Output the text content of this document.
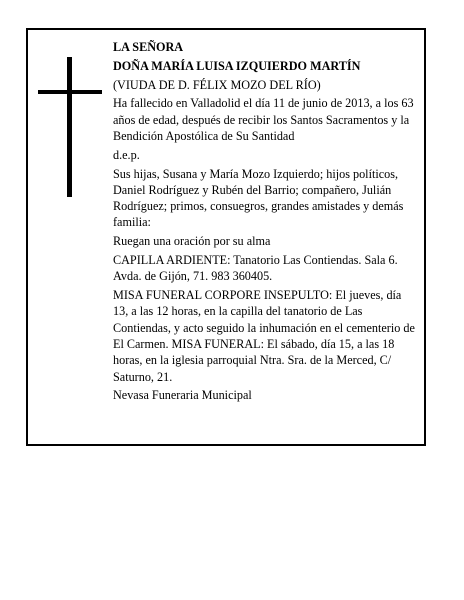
LA SEÑORA

DOÑA MARÍA LUISA IZQUIERDO MARTÍN

(VIUDA DE D. FÉLIX MOZO DEL RÍO)

Ha fallecido en Valladolid el día 11 de junio de 2013, a los 63 años de edad, después de recibir los Santos Sacramentos y la Bendición Apostólica de Su Santidad

d.e.p.

Sus hijas, Susana y María Mozo Izquierdo; hijos políticos, Daniel Rodríguez y Rubén del Barrio; compañero, Julián Rodríguez; primos, consuegros, grandes amistades y demás familia:

Ruegan una oración por su alma

CAPILLA ARDIENTE: Tanatorio Las Contiendas. Sala 6. Avda. de Gijón, 71. 983 360405.

MISA FUNERAL CORPORE INSEPULTO: El jueves, día 13, a las 12 horas, en la capilla del tanatorio de Las Contiendas, y acto seguido la inhumación en el cementerio de El Carmen. MISA FUNERAL: El sábado, día 15, a las 18 horas, en la iglesia parroquial Ntra. Sra. de la Merced, C/ Saturno, 21.

Nevasa Funeraria Municipal
